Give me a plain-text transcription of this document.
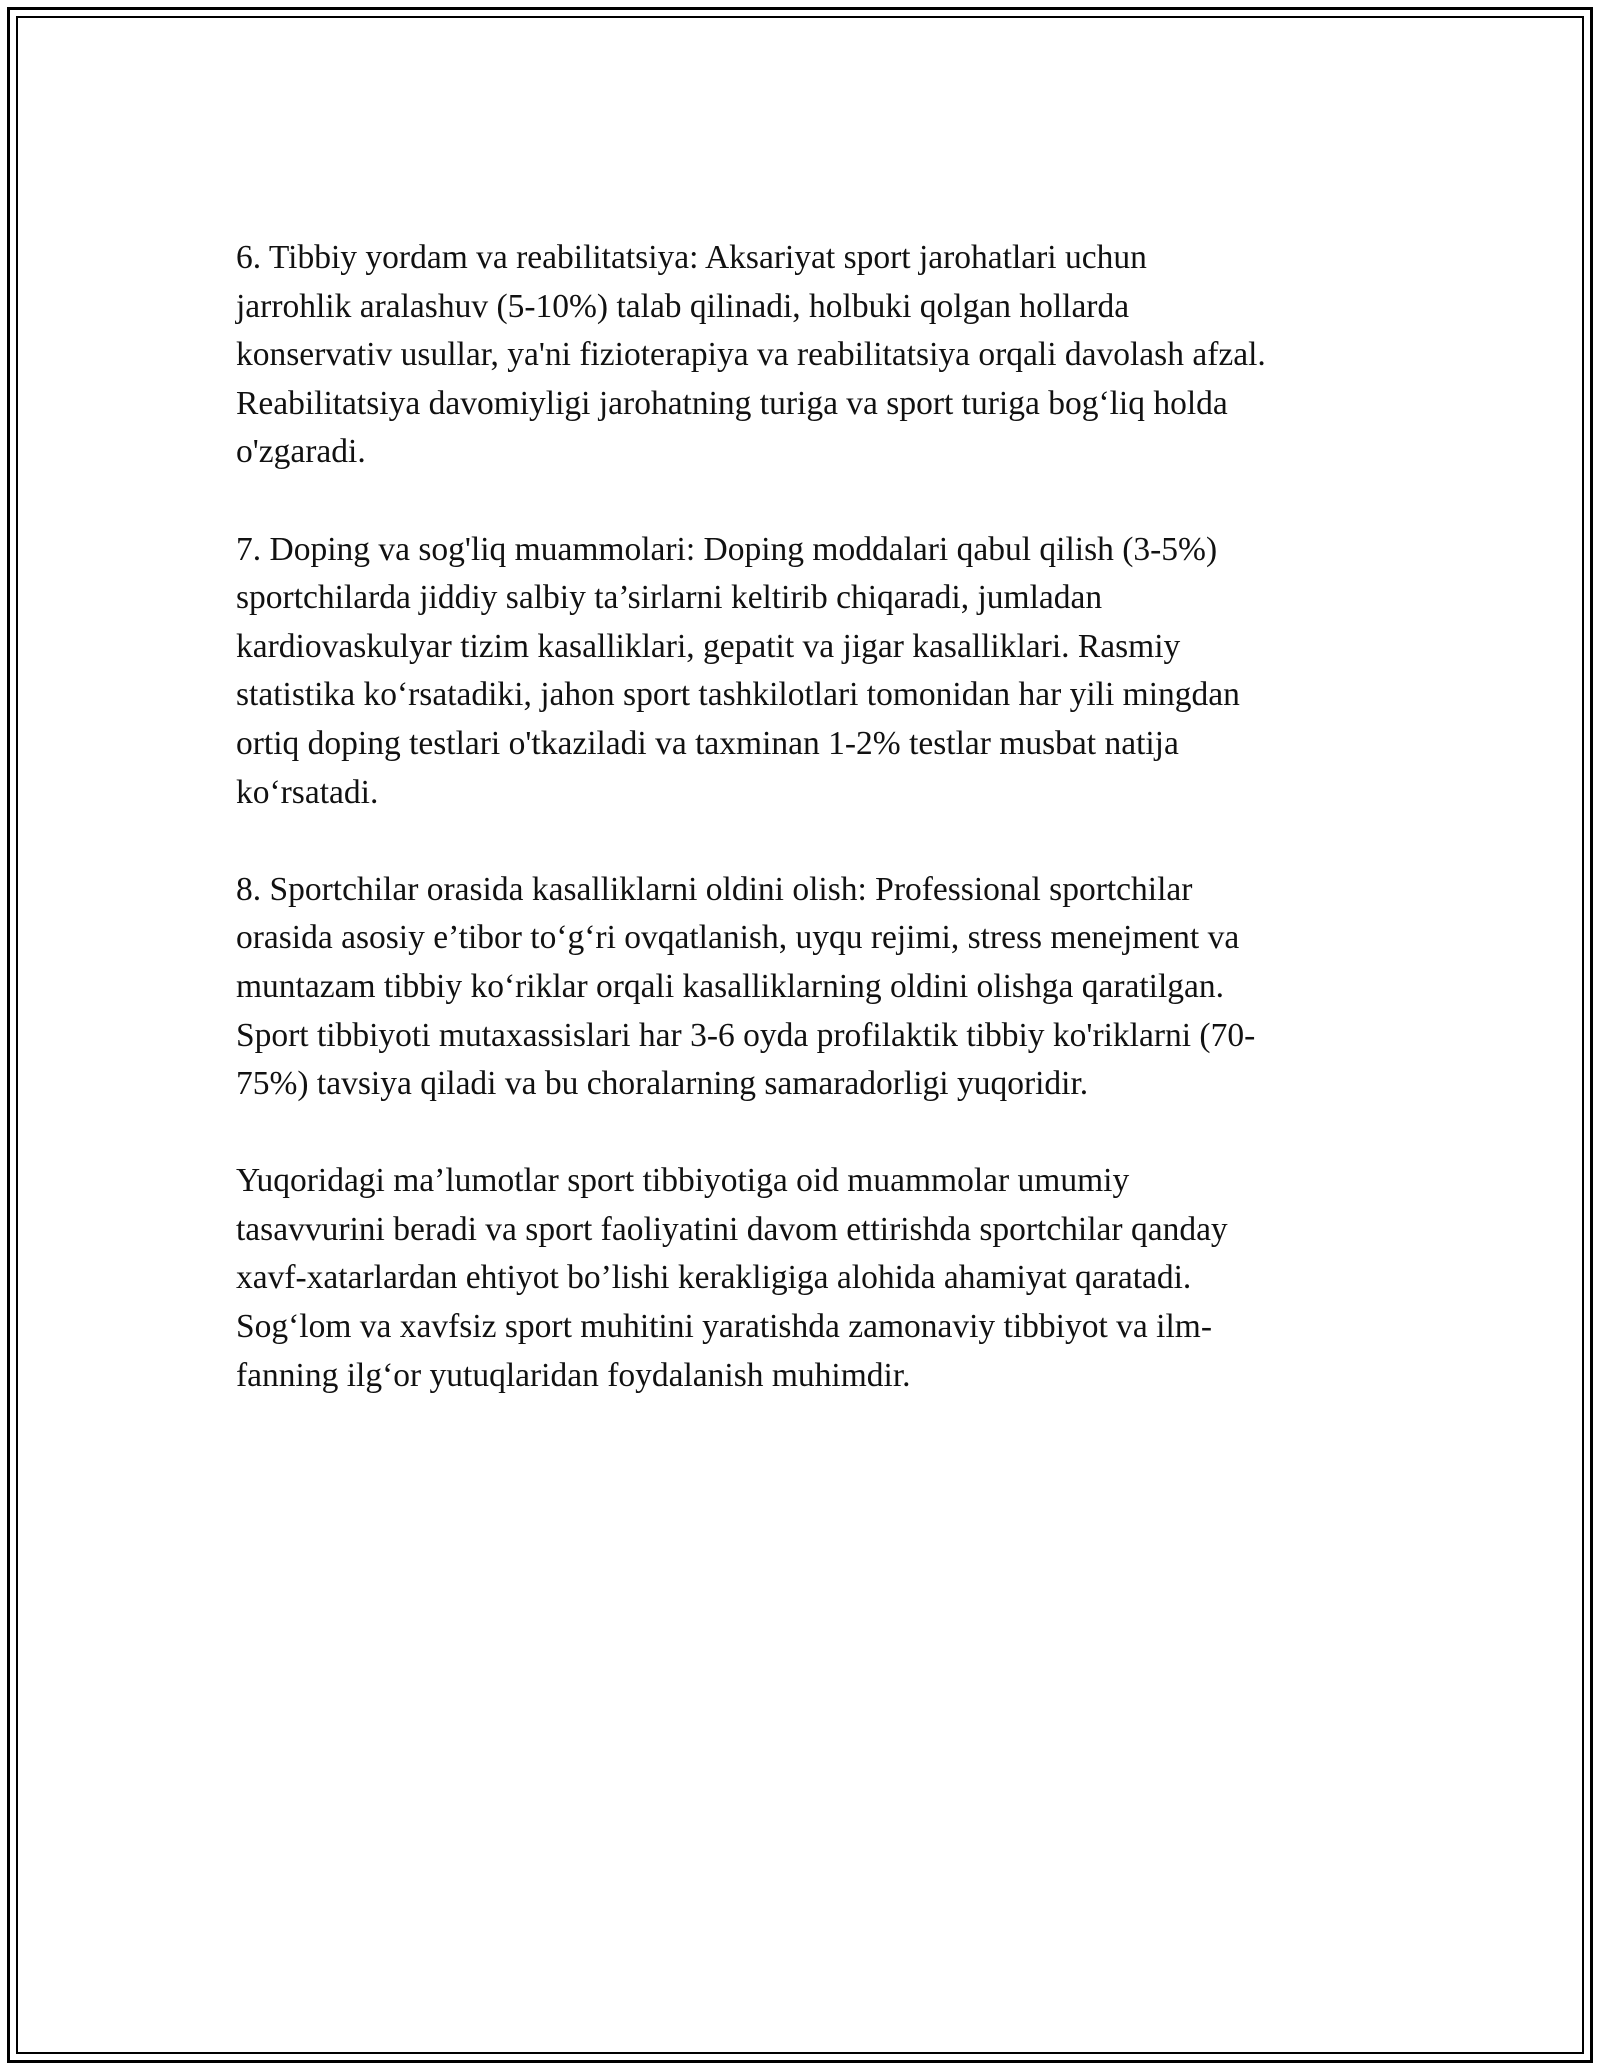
6. Tibbiy yordam va reabilitatsiya: Aksariyat sport jarohatlari uchun
jarrohlik aralashuv (5-10%) talab qilinadi, holbuki qolgan hollarda
konservativ usullar, ya'ni fizioterapiya va reabilitatsiya orqali davolash afzal.
Reabilitatsiya davomiyligi jarohatning turiga va sport turiga bog‘liq holda
o'zgaradi.

7. Doping va sog'liq muammolari: Doping moddalari qabul qilish (3-5%)
sportchilarda jiddiy salbiy ta’sirlarni keltirib chiqaradi, jumladan
kardiovaskulyar tizim kasalliklari, gepatit va jigar kasalliklari. Rasmiy
statistika ko‘rsatadiki, jahon sport tashkilotlari tomonidan har yili mingdan
ortiq doping testlari o'tkaziladi va taxminan 1-2% testlar musbat natija
ko‘rsatadi.

8. Sportchilar orasida kasalliklarni oldini olish: Professional sportchilar
orasida asosiy e’tibor to‘g‘ri ovqatlanish, uyqu rejimi, stress menejment va
muntazam tibbiy ko‘riklar orqali kasalliklarning oldini olishga qaratilgan.
Sport tibbiyoti mutaxassislari har 3-6 oyda profilaktik tibbiy ko'riklarni (70-
75%) tavsiya qiladi va bu choralarning samaradorligi yuqoridir.

Yuqoridagi ma’lumotlar sport tibbiyotiga oid muammolar umumiy
tasavvurini beradi va sport faoliyatini davom ettirishda sportchilar qanday
xavf-xatarlardan ehtiyot bo’lishi kerakligiga alohida ahamiyat qaratadi.
Sog‘lom va xavfsiz sport muhitini yaratishda zamonaviy tibbiyot va ilm-
fanning ilg‘or yutuqlaridan foydalanish muhimdir.
